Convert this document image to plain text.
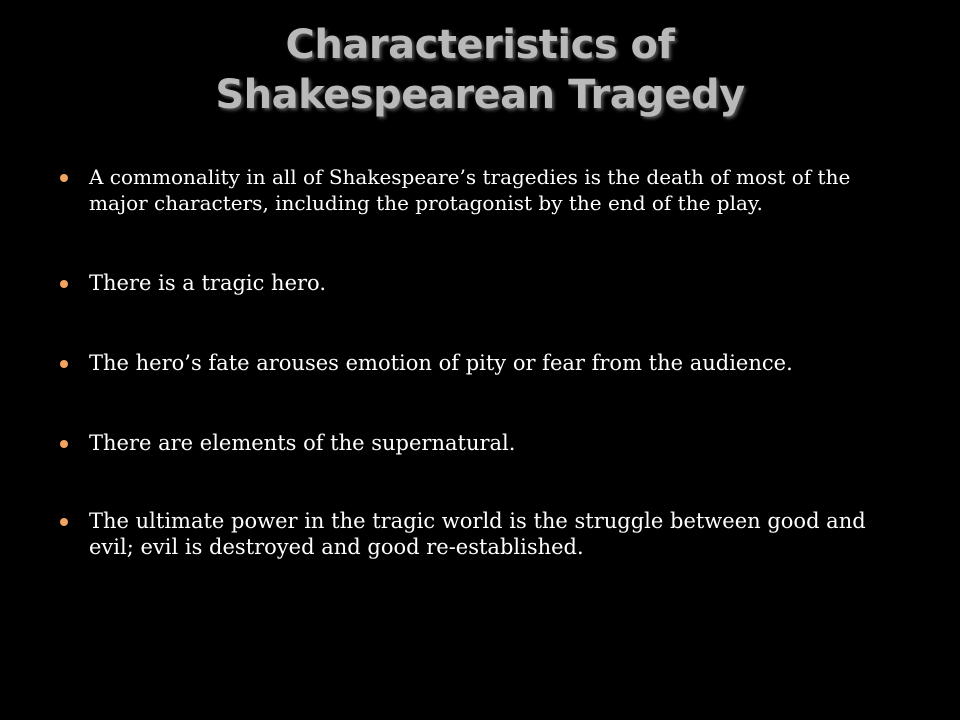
Characteristics of
Shakespearean Tragedy
A commonality in all of Shakespeare’s tragedies is the death of most of the major characters, including the protagonist by the end of the play.
There is a tragic hero.
The hero’s fate arouses emotion of pity or fear from the audience.
There are elements of the supernatural.
The ultimate power in the tragic world is the struggle between good and evil; evil is destroyed and good re-established.
